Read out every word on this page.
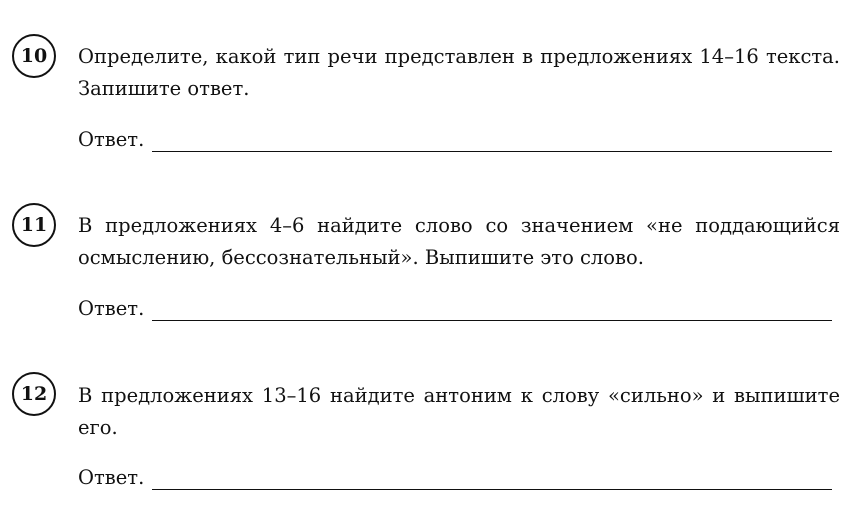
10	Определите, какой тип речи представлен в предложениях 14–16 текста. Запишите ответ.

Ответ.
11	В предложениях 4–6 найдите слово со значением «не поддающийся осмыслению, бессознательный». Выпишите это слово.

Ответ.
12	В предложениях 13–16 найдите антоним к слову «сильно» и выпишите его.

Ответ.
